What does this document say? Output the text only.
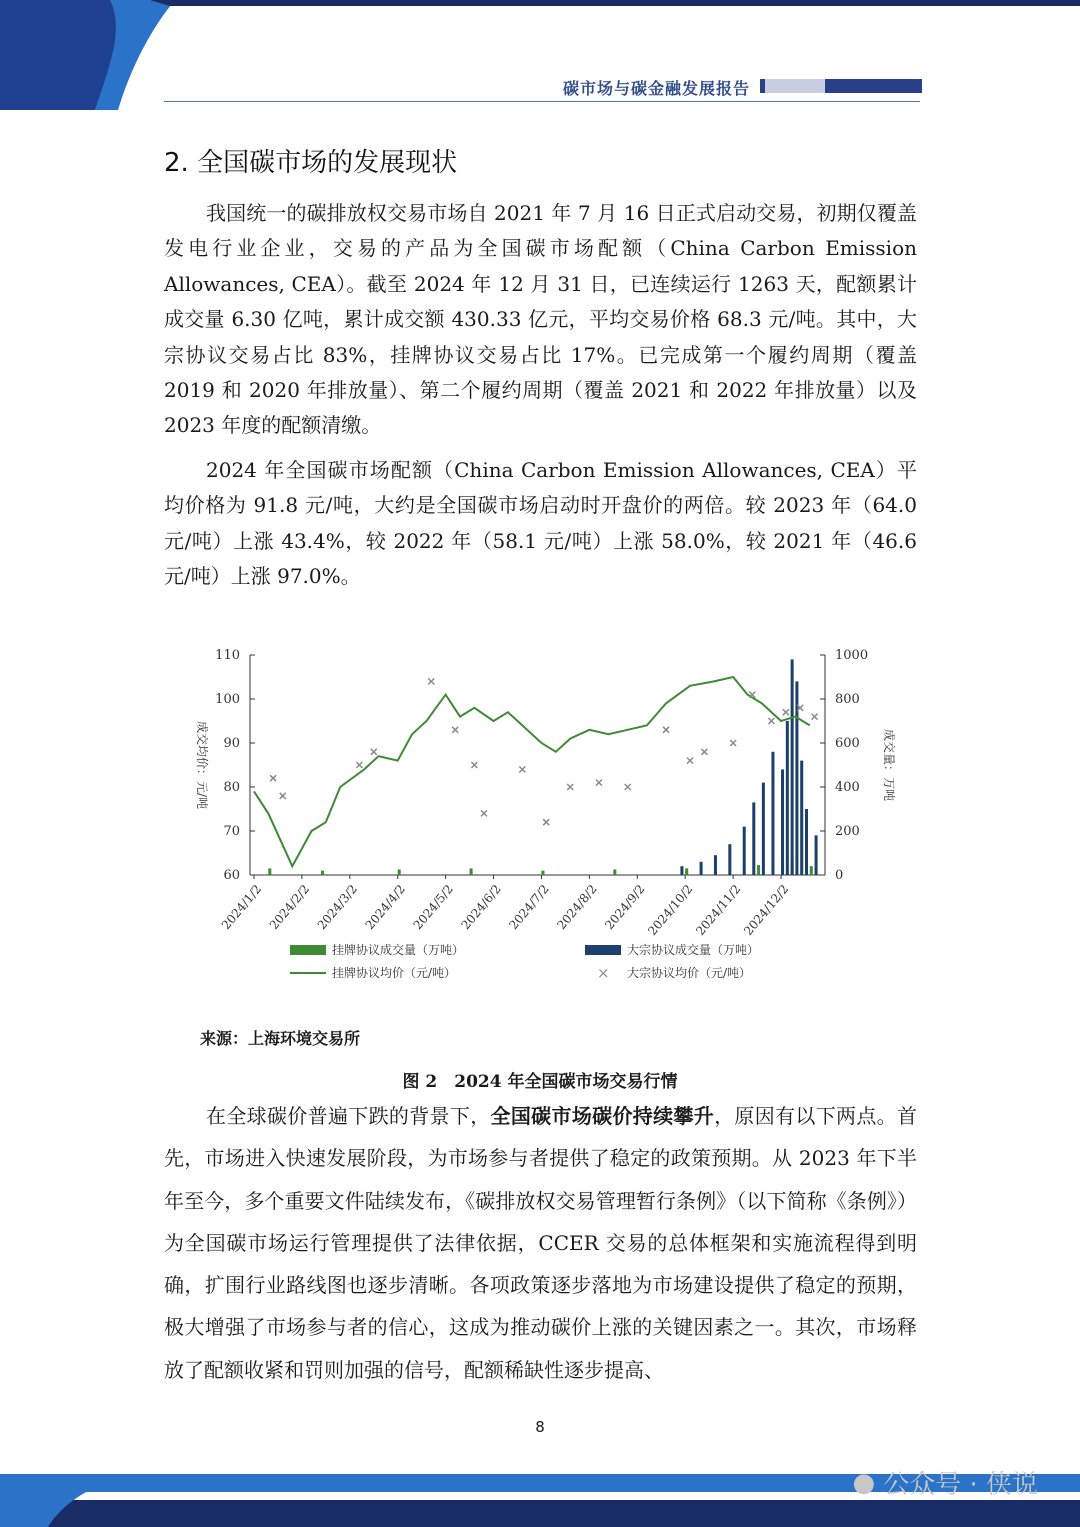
碳市场与碳金融发展报告
2. 全国碳市场的发展现状

我国统一的碳排放权交易市场自 2021 年 7 月 16 日正式启动交易，初期仅覆盖发电行业企业，交易的产品为全国碳市场配额（China Carbon Emission Allowances, CEA）。截至 2024 年 12 月 31 日，已连续运行 1263 天，配额累计成交量 6.30 亿吨，累计成交额 430.33 亿元，平均交易价格 68.3 元/吨。其中，大宗协议交易占比 83%，挂牌协议交易占比 17%。已完成第一个履约周期（覆盖 2019 和 2020 年排放量）、第二个履约周期（覆盖 2021 和 2022 年排放量）以及 2023 年度的配额清缴。

2024 年全国碳市场配额（China Carbon Emission Allowances, CEA）平均价格为 91.8 元/吨，大约是全国碳市场启动时开盘价的两倍。较 2023 年（64.0 元/吨）上涨 43.4%，较 2022 年（58.1 元/吨）上涨 58.0%，较 2021 年（46.6 元/吨）上涨 97.0%。

60
70
80
90
100
110
0
200
400
600
800
1000
成交均价：元/吨	成交量：万吨
2024/1/2 2024/2/2 2024/3/2 2024/4/2 2024/5/2 2024/6/2 2024/7/2 2024/8/2 2024/9/2
2024/10/2
2024/11/2
2024/12/2
挂牌协议成交量（万吨）	大宗协议成交量（万吨）
挂牌协议均价（元/吨）	× 大宗协议均价（元/吨）
来源：上海环境交易所
图 2　2024 年全国碳市场交易行情

在全球碳价普遍下跌的背景下，全国碳市场碳价持续攀升，原因有以下两点。首先，市场进入快速发展阶段，为市场参与者提供了稳定的政策预期。从 2023 年下半年至今，多个重要文件陆续发布，《碳排放权交易管理暂行条例》（以下简称《条例》）为全国碳市场运行管理提供了法律依据，CCER 交易的总体框架和实施流程得到明确，扩围行业路线图也逐步清晰。各项政策逐步落地为市场建设提供了稳定的预期，极大增强了市场参与者的信心，这成为推动碳价上涨的关键因素之一。其次，市场释放了配额收紧和罚则加强的信号，配额稀缺性逐步提高、

8
● 公众号 · 侠说
